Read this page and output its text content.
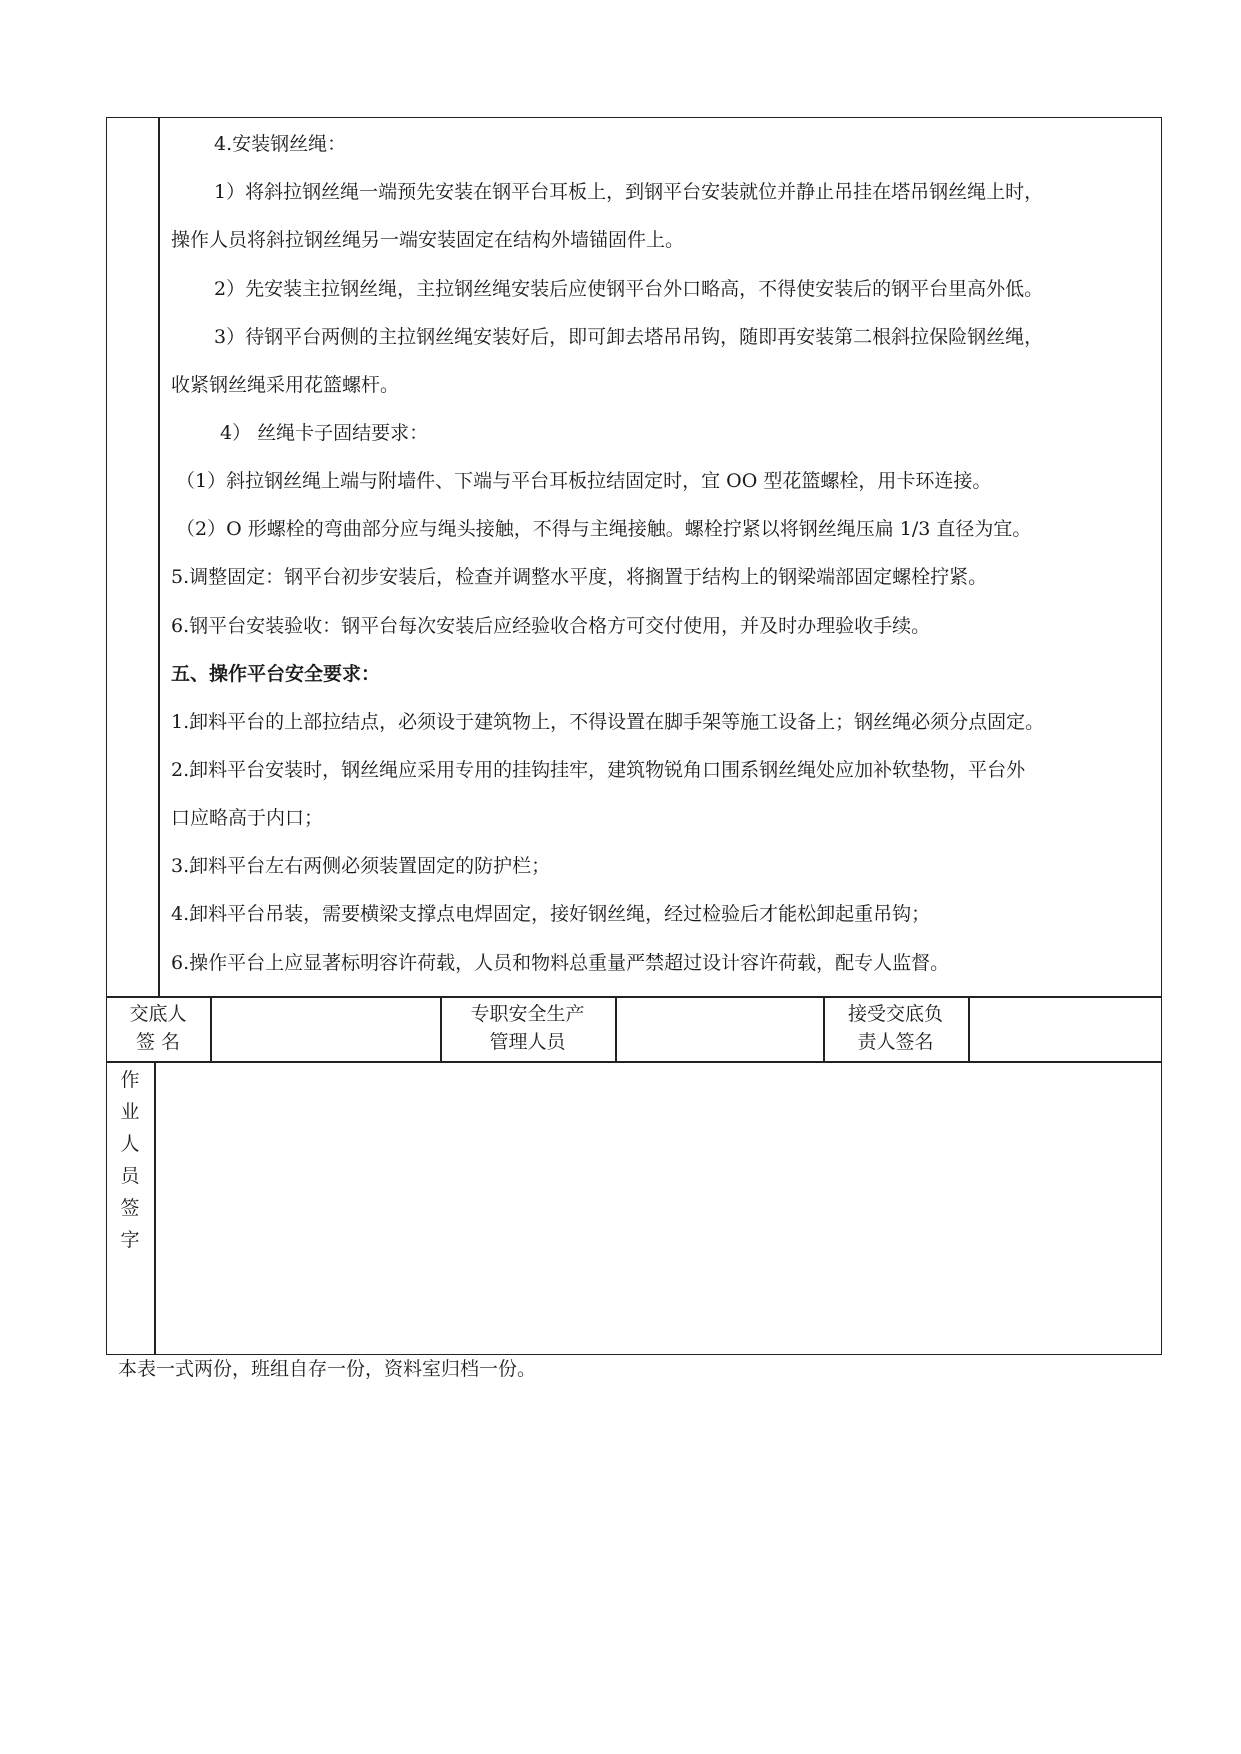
4.安装钢丝绳：
1）将斜拉钢丝绳一端预先安装在钢平台耳板上，到钢平台安装就位并静止吊挂在塔吊钢丝绳上时，
操作人员将斜拉钢丝绳另一端安装固定在结构外墙锚固件上。
2）先安装主拉钢丝绳，主拉钢丝绳安装后应使钢平台外口略高，不得使安装后的钢平台里高外低。
3）待钢平台两侧的主拉钢丝绳安装好后，即可卸去塔吊吊钩，随即再安装第二根斜拉保险钢丝绳，
收紧钢丝绳采用花篮螺杆。
4） 丝绳卡子固结要求：
（1）斜拉钢丝绳上端与附墙件、下端与平台耳板拉结固定时，宜 OO 型花篮螺栓，用卡环连接。
（2）O 形螺栓的弯曲部分应与绳头接触，不得与主绳接触。螺栓拧紧以将钢丝绳压扁 1/3 直径为宜。
5.调整固定：钢平台初步安装后，检查并调整水平度，将搁置于结构上的钢梁端部固定螺栓拧紧。
6.钢平台安装验收：钢平台每次安装后应经验收合格方可交付使用，并及时办理验收手续。
五、操作平台安全要求：
1.卸料平台的上部拉结点，必须设于建筑物上，不得设置在脚手架等施工设备上；钢丝绳必须分点固定。
2.卸料平台安装时，钢丝绳应采用专用的挂钩挂牢，建筑物锐角口围系钢丝绳处应加补软垫物，平台外
口应略高于内口；
3.卸料平台左右两侧必须装置固定的防护栏；
4.卸料平台吊装，需要横梁支撑点电焊固定，接好钢丝绳，经过检验后才能松卸起重吊钩；
6.操作平台上应显著标明容许荷载，人员和物料总重量严禁超过设计容许荷载，配专人监督。
交底人
签 名
专职安全生产
管理人员
接受交底负
责人签名
作
业
人
员
签
字
本表一式两份，班组自存一份，资料室归档一份。
